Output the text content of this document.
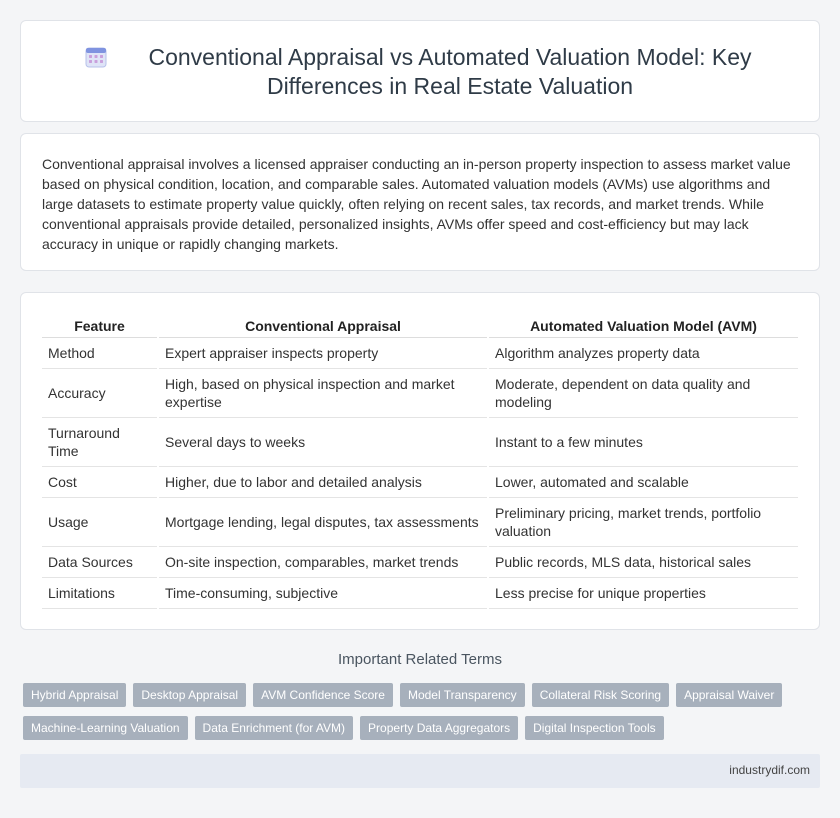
Conventional Appraisal vs Automated Valuation Model: Key Differences in Real Estate Valuation

Conventional appraisal involves a licensed appraiser conducting an in-person property inspection to assess market value based on physical condition, location, and comparable sales. Automated valuation models (AVMs) use algorithms and large datasets to estimate property value quickly, often relying on recent sales, tax records, and market trends. While conventional appraisals provide detailed, personalized insights, AVMs offer speed and cost-efficiency but may lack accuracy in unique or rapidly changing markets.

Feature	Conventional Appraisal	Automated Valuation Model (AVM)
Method	Expert appraiser inspects property	Algorithm analyzes property data
Accuracy	High, based on physical inspection and market expertise	Moderate, dependent on data quality and modeling
Turnaround Time	Several days to weeks	Instant to a few minutes
Cost	Higher, due to labor and detailed analysis	Lower, automated and scalable
Usage	Mortgage lending, legal disputes, tax assessments	Preliminary pricing, market trends, portfolio valuation
Data Sources	On-site inspection, comparables, market trends	Public records, MLS data, historical sales
Limitations	Time-consuming, subjective	Less precise for unique properties
Important Related Terms
Hybrid Appraisal	Desktop Appraisal	AVM Confidence Score	Model Transparency	Collateral Risk Scoring	Appraisal Waiver
Machine-Learning Valuation	Data Enrichment (for AVM)	Property Data Aggregators	Digital Inspection Tools
industrydif.com
